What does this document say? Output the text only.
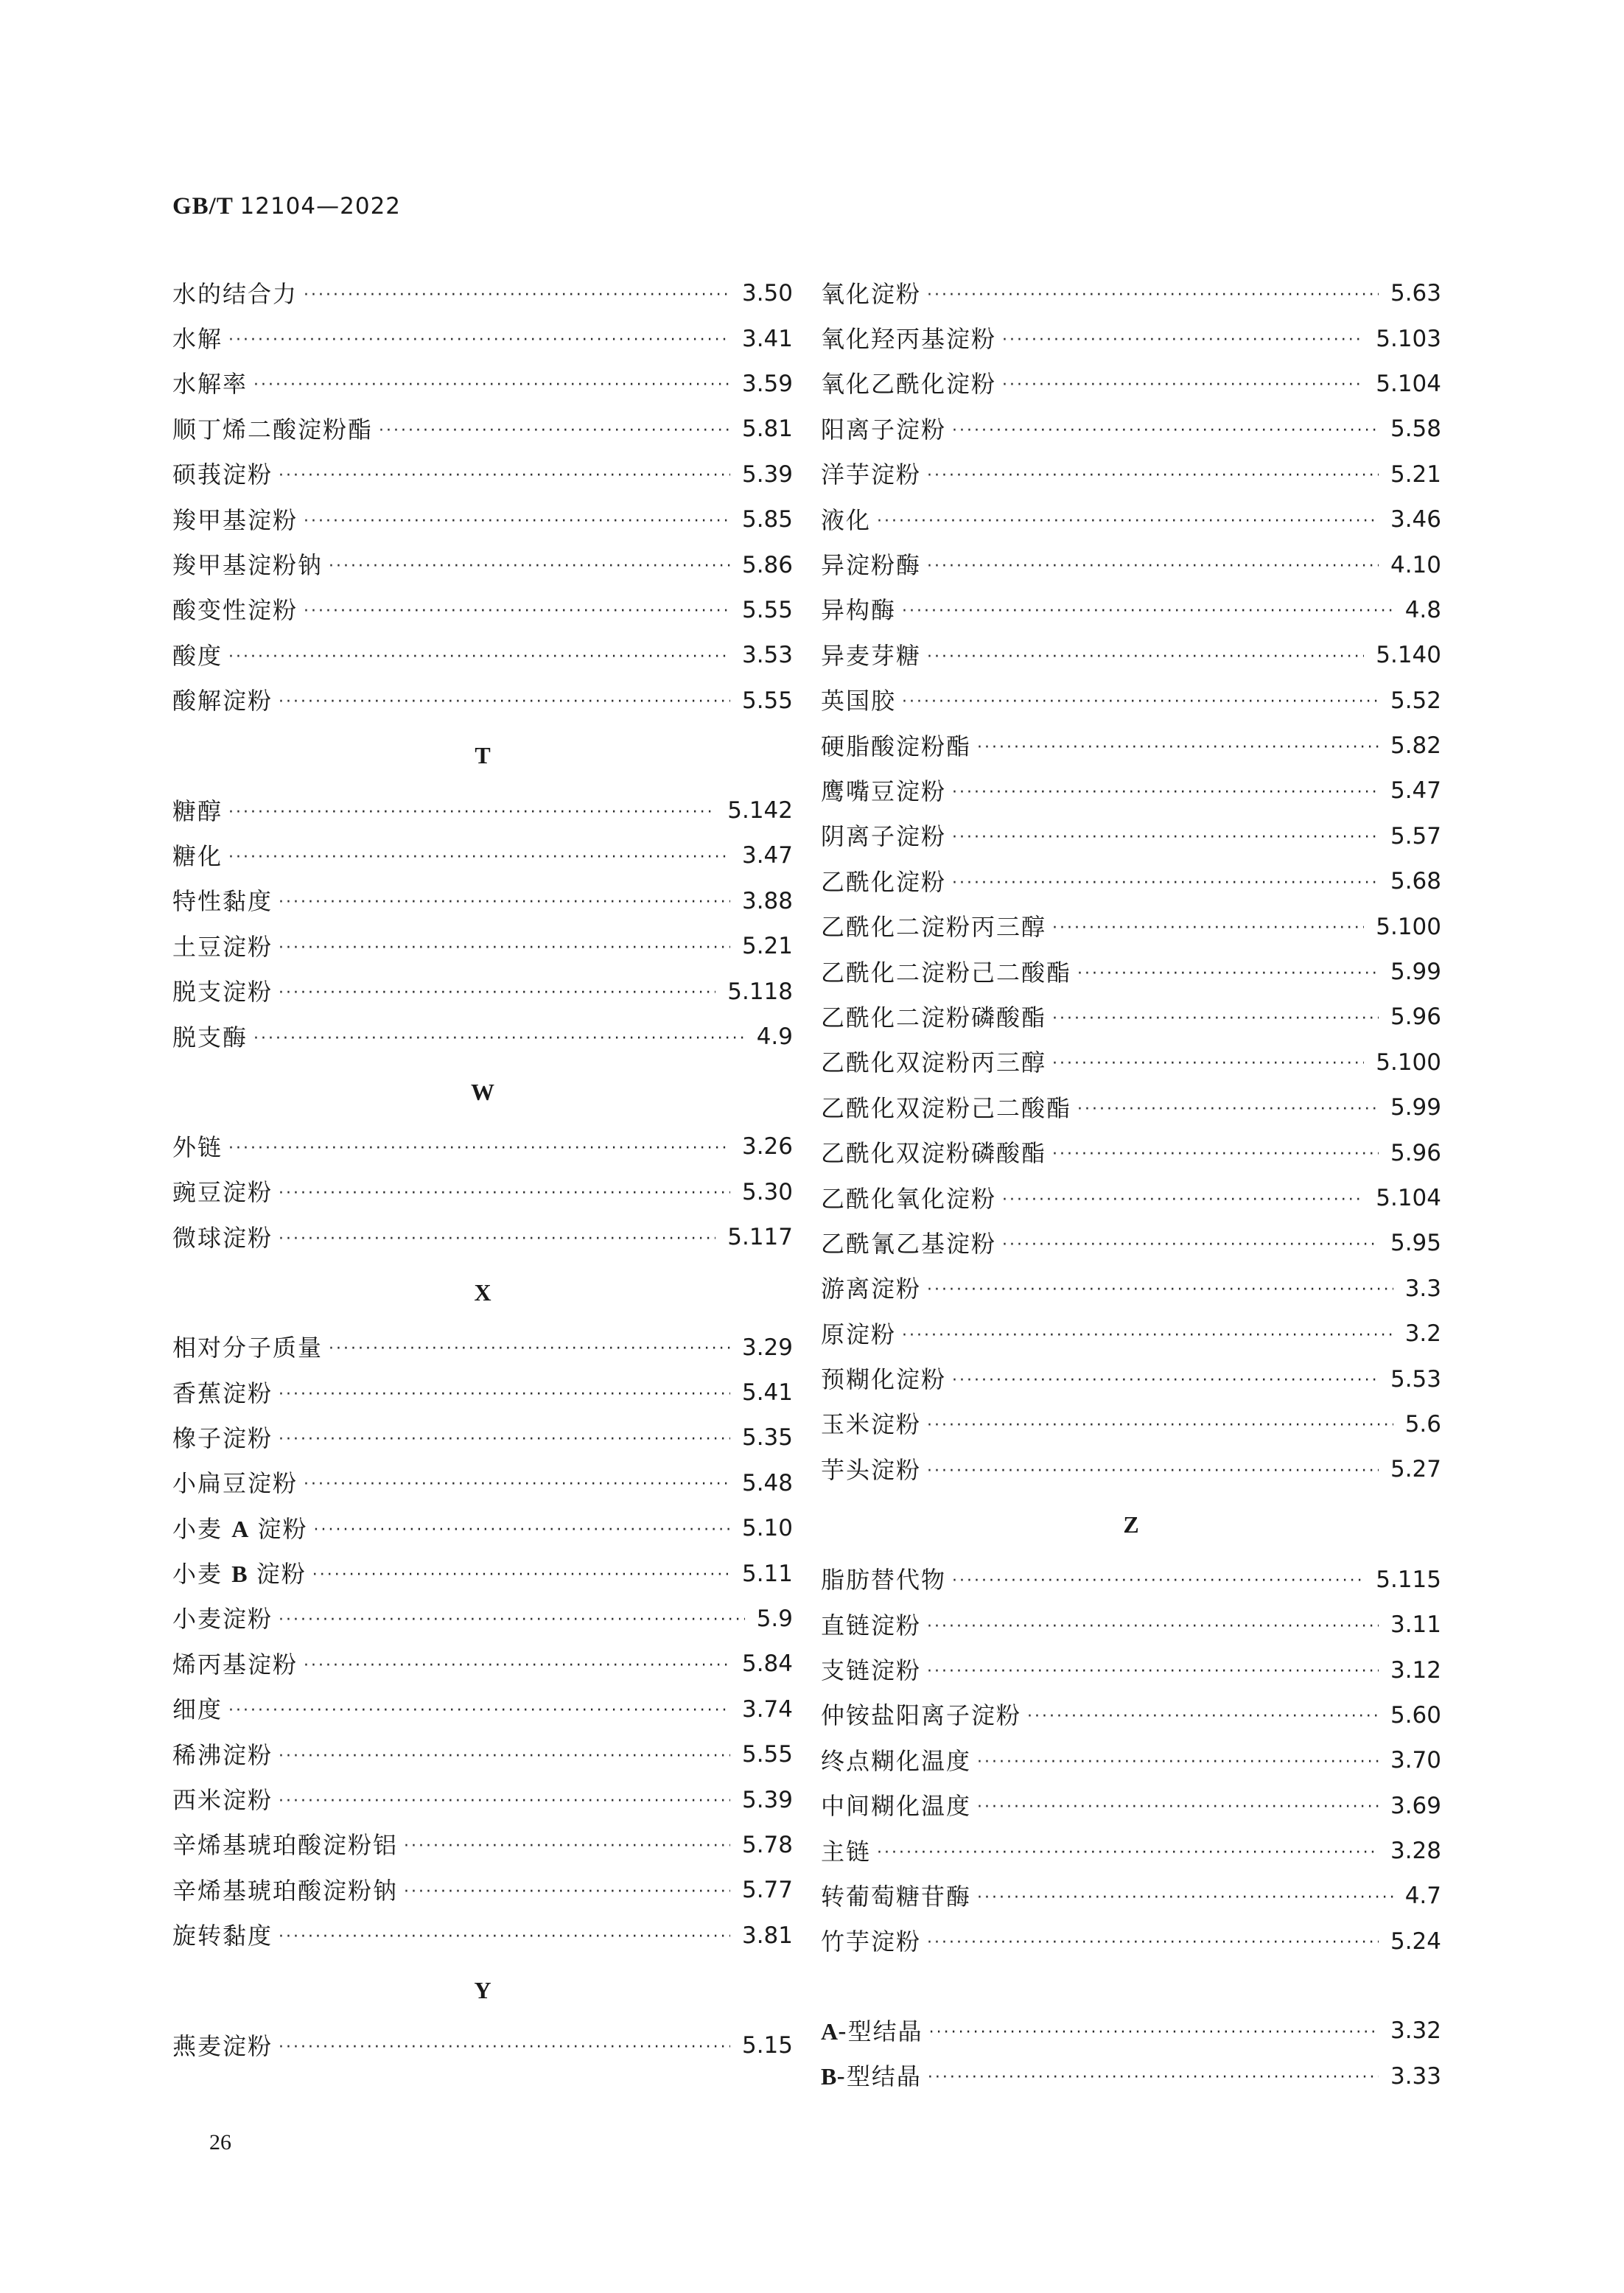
GB/T 12104—2022
水的结合力 ·····	3.50
水解 ·····	3.41
水解率 ·····	3.59
顺丁烯二酸淀粉酯 ·····	5.81
硕莪淀粉 ·····	5.39
羧甲基淀粉 ·····	5.85
羧甲基淀粉钠 ·····	5.86
酸变性淀粉 ·····	5.55
酸度 ·····	3.53
酸解淀粉 ·····	5.55
T
糖醇 ·····	5.142
糖化 ·····	3.47
特性黏度 ·····	3.88
土豆淀粉 ·····	5.21
脱支淀粉 ·····	5.118
脱支酶 ·····	4.9
W
外链 ·····	3.26
豌豆淀粉 ·····	5.30
微球淀粉 ·····	5.117
X
相对分子质量 ·····	3.29
香蕉淀粉 ·····	5.41
橡子淀粉 ·····	5.35
小扁豆淀粉 ·····	5.48
小麦 A 淀粉 ·····	5.10
小麦 B 淀粉 ·····	5.11
小麦淀粉 ·····	5.9
烯丙基淀粉 ·····	5.84
细度 ·····	3.74
稀沸淀粉 ·····	5.55
西米淀粉 ·····	5.39
辛烯基琥珀酸淀粉铝 ·····	5.78
辛烯基琥珀酸淀粉钠 ·····	5.77
旋转黏度 ·····	3.81
Y
燕麦淀粉 ·····	5.15
氧化淀粉 ·····	5.63
氧化羟丙基淀粉 ·····	5.103
氧化乙酰化淀粉 ·····	5.104
阳离子淀粉 ·····	5.58
洋芋淀粉 ·····	5.21
液化 ·····	3.46
异淀粉酶 ·····	4.10
异构酶 ·····	4.8
异麦芽糖 ·····	5.140
英国胶 ·····	5.52
硬脂酸淀粉酯 ·····	5.82
鹰嘴豆淀粉 ·····	5.47
阴离子淀粉 ·····	5.57
乙酰化淀粉 ·····	5.68
乙酰化二淀粉丙三醇 ·····	5.100
乙酰化二淀粉己二酸酯 ·····	5.99
乙酰化二淀粉磷酸酯 ·····	5.96
乙酰化双淀粉丙三醇 ·····	5.100
乙酰化双淀粉己二酸酯 ·····	5.99
乙酰化双淀粉磷酸酯 ·····	5.96
乙酰化氧化淀粉 ·····	5.104
乙酰氰乙基淀粉 ·····	5.95
游离淀粉 ·····	3.3
原淀粉 ·····	3.2
预糊化淀粉 ·····	5.53
玉米淀粉 ·····	5.6
芋头淀粉 ·····	5.27
Z
脂肪替代物 ·····	5.115
直链淀粉 ·····	3.11
支链淀粉 ·····	3.12
仲铵盐阳离子淀粉 ·····	5.60
终点糊化温度 ·····	3.70
中间糊化温度 ·····	3.69
主链 ·····	3.28
转葡萄糖苷酶 ·····	4.7
竹芋淀粉 ·····	5.24
A-型结晶 ·····	3.32
B-型结晶 ·····	3.33
26
